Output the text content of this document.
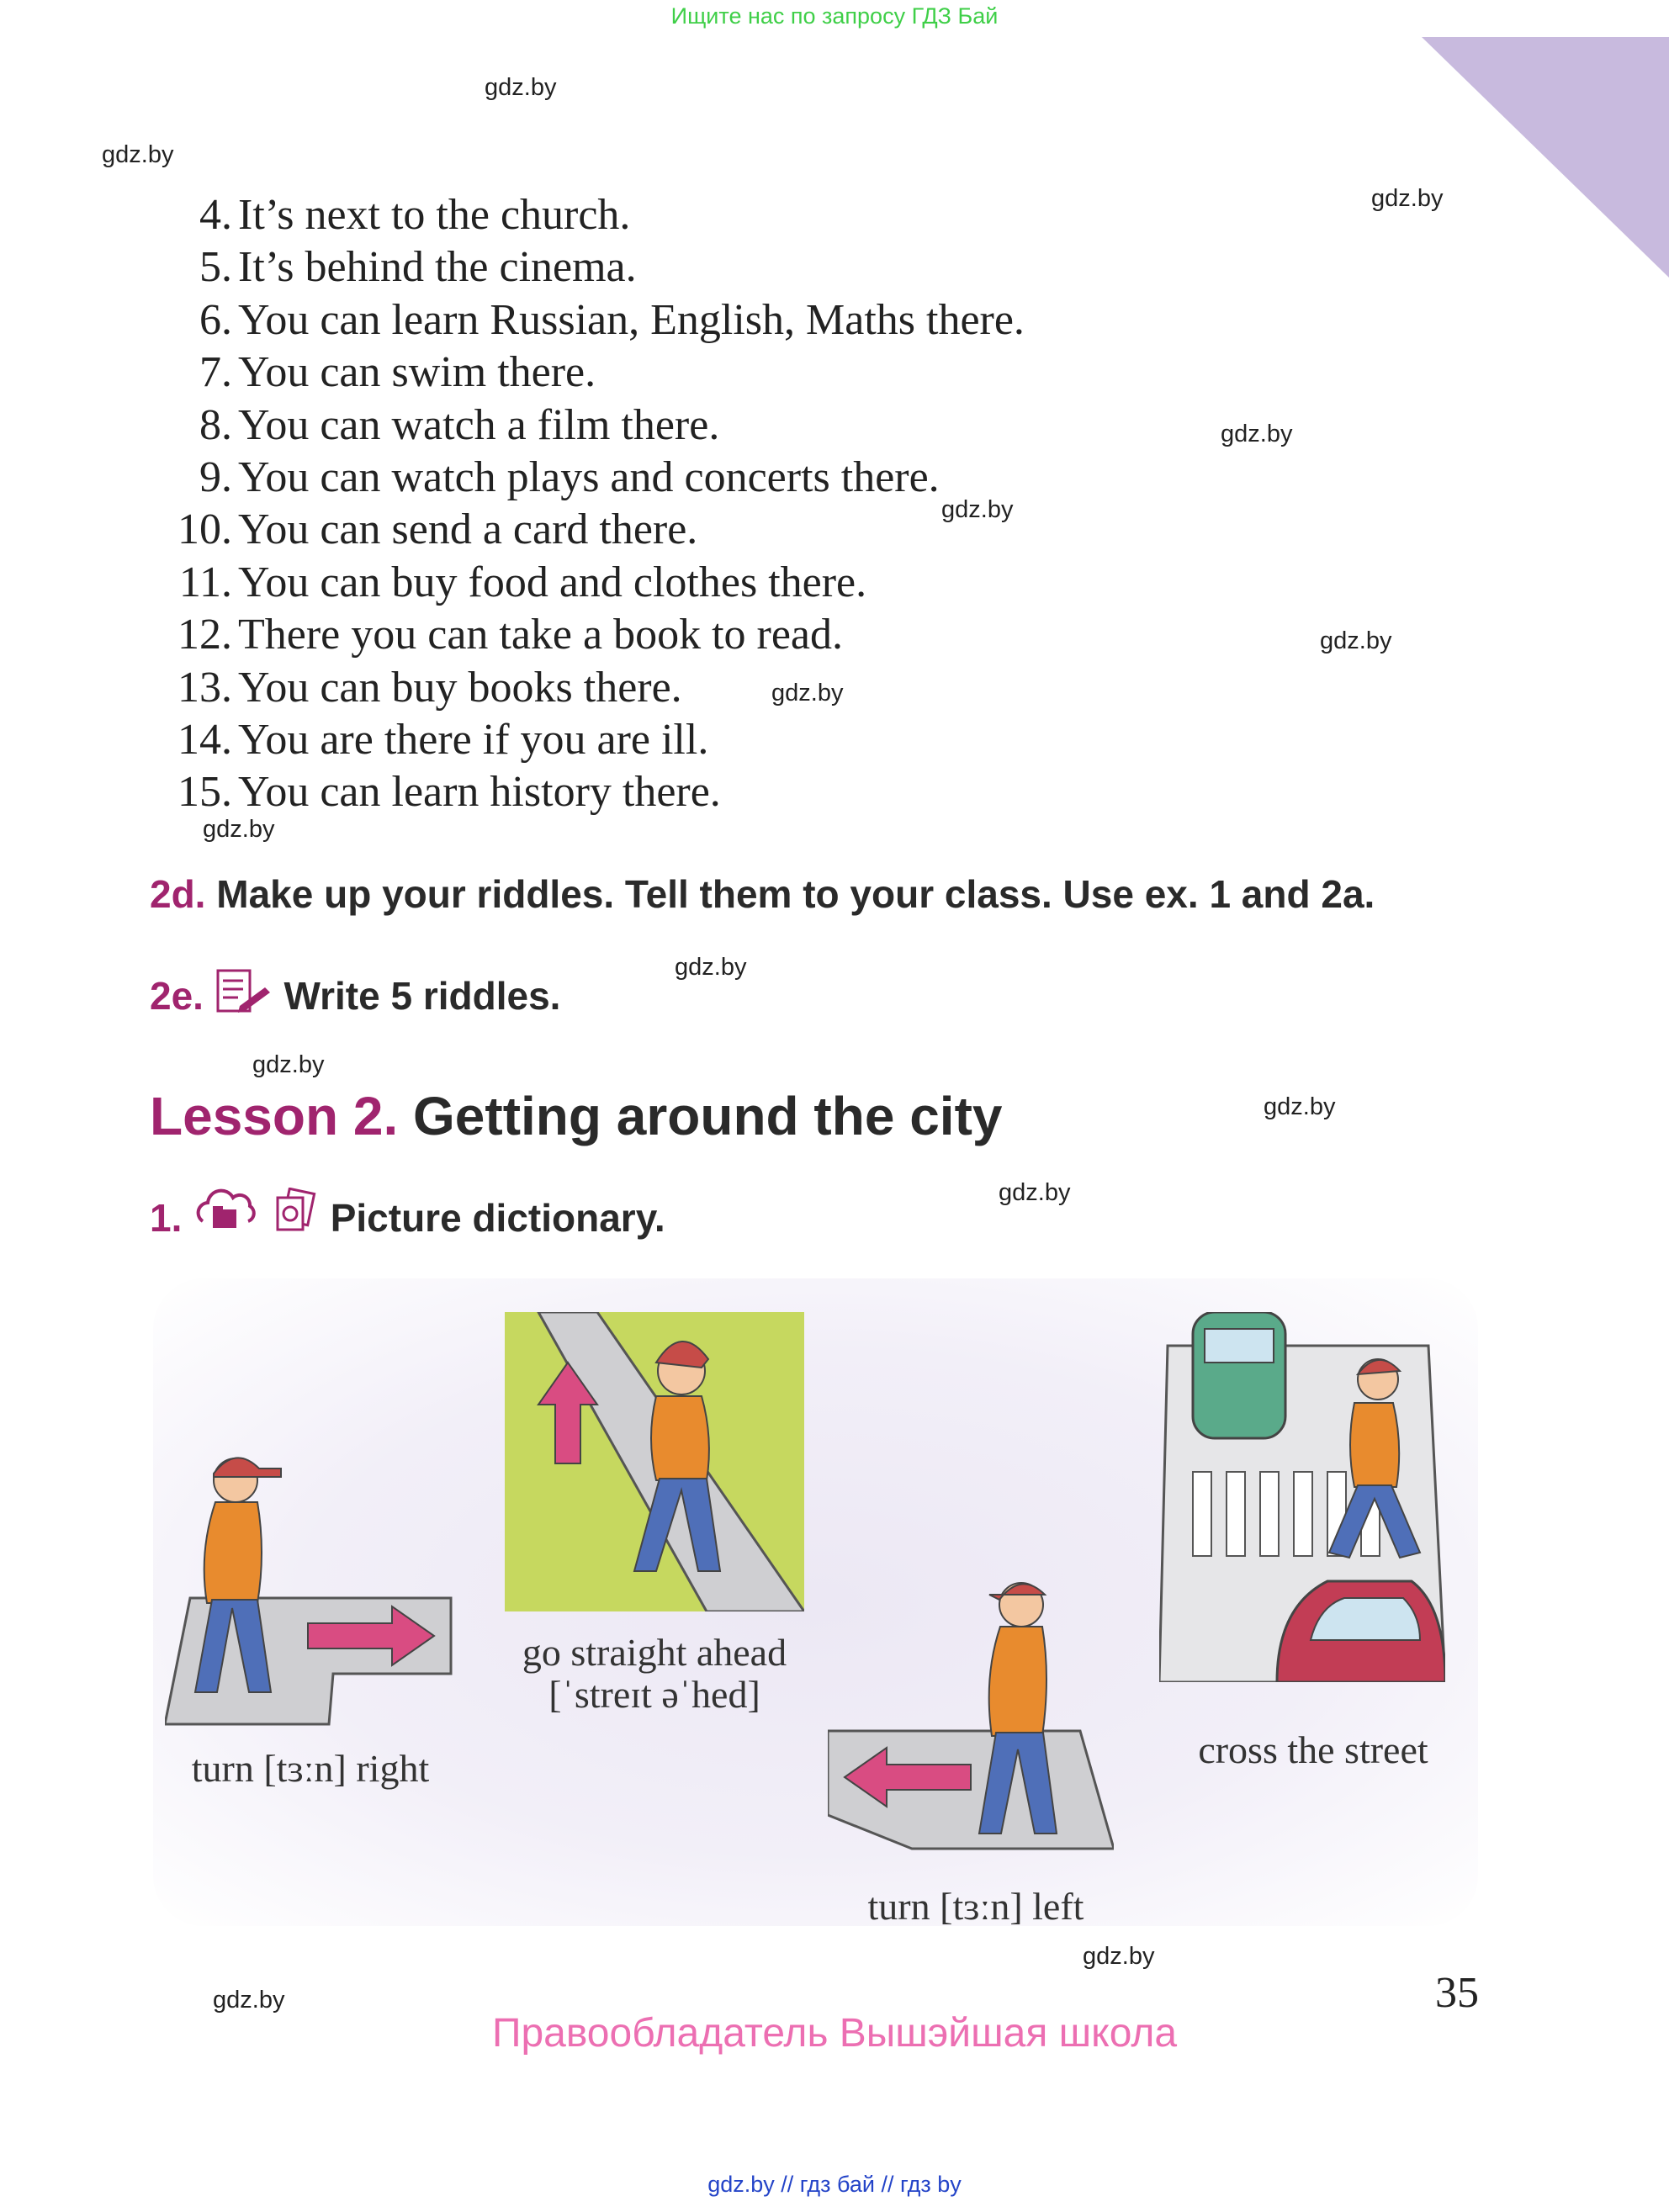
Ищите нас по запросу ГДЗ Бай
gdz.by
gdz.by
gdz.by
gdz.by
gdz.by
gdz.by
gdz.by
gdz.by
gdz.by
gdz.by
gdz.by
gdz.by
gdz.by
gdz.by
4. It’s next to the church.
5. It’s behind the cinema.
6. You can learn Russian, English, Maths there.
7. You can swim there.
8. You can watch a film there.
9. You can watch plays and concerts there.
10. You can send a card there.
11. You can buy food and clothes there.
12. There you can take a book to read.
13. You can buy books there.
14. You are there if you are ill.
15. You can learn history there.
2d. Make up your riddles. Tell them to your class. Use ex. 1 and 2a.
2e. Write 5 riddles.
Lesson 2. Getting around the city
1.	Picture dictionary.
turn [tɜːn] right
go straight ahead
[ˈstreɪt əˈhed]
turn [tɜːn] left
cross the street
35
Правообладатель Вышэйшая школа
gdz.by // гдз бай // гдз by
